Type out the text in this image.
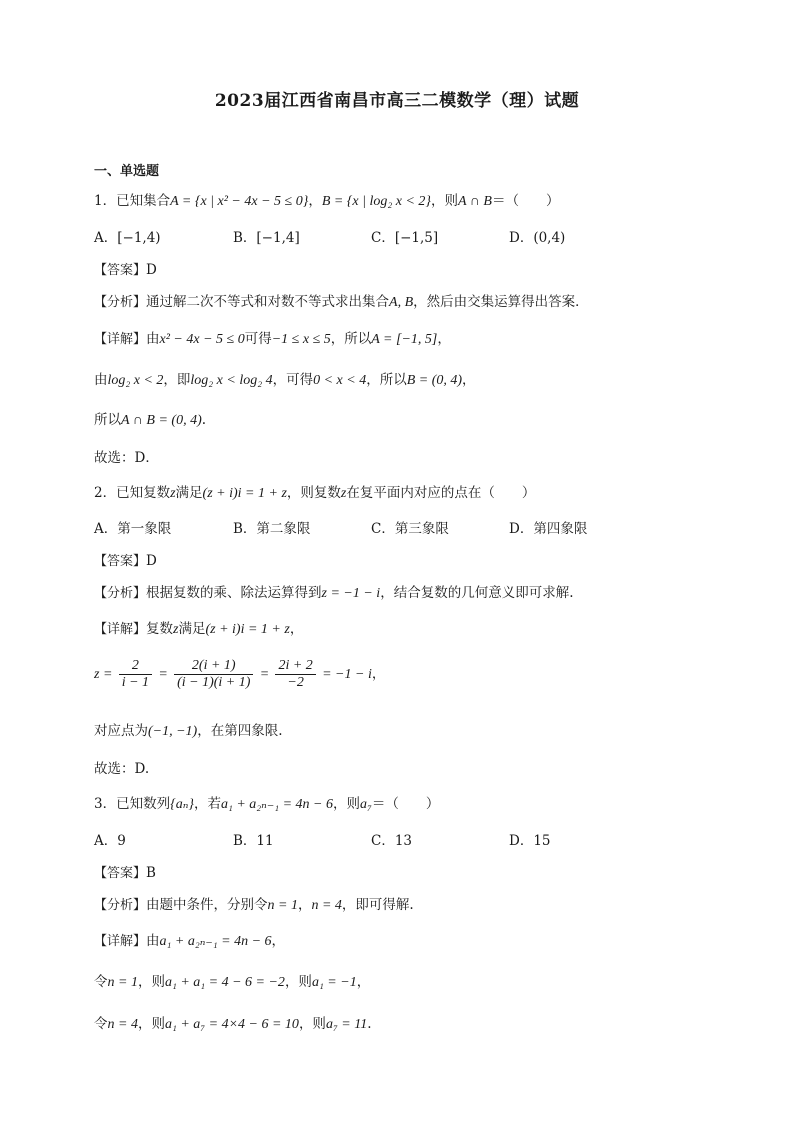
2023届江西省南昌市高三二模数学（理）试题
一、单选题
1．已知集合A = {x | x² − 4x − 5 ≤ 0}，B = {x | log₂ x < 2}，则A ∩ B＝（　　）
A．[−1,4)	B．[−1,4]	C．[−1,5]	D．(0,4)
【答案】D
【分析】通过解二次不等式和对数不等式求出集合A, B，然后由交集运算得出答案．
【详解】由x² − 4x − 5 ≤ 0可得−1 ≤ x ≤ 5，所以A = [−1, 5]，
由log₂ x < 2，即log₂ x < log₂ 4，可得0 < x < 4，所以B = (0, 4)，
所以A ∩ B = (0, 4).
故选：D．
2．已知复数z满足(z + i)i = 1 + z，则复数z在复平面内对应的点在（　　）
A．第一象限	B．第二象限	C．第三象限	D．第四象限
【答案】D
【分析】根据复数的乘、除法运算得到z = −1 − i，结合复数的几何意义即可求解.
【详解】复数z满足(z + i)i = 1 + z，
$z = \frac{2}{i - 1} = \frac{2(i + 1)}{(i - 1)(i + 1)} = \frac{2i + 2}{-2} = -1 - i$，
对应点为(−1, −1)，在第四象限.
故选：D.
3．已知数列{aₙ}，若a₁ + a₂ₙ₋₁ = 4n − 6，则a₇＝（　　）
A．9	B．11	C．13	D．15
【答案】B
【分析】由题中条件，分别令n = 1，n = 4，即可得解.
【详解】由a₁ + a₂ₙ₋₁ = 4n − 6，
令n = 1，则a₁ + a₁ = 4 − 6 = −2，则a₁ = −1，
令n = 4，则a₁ + a₇ = 4×4 − 6 = 10，则a₇ = 11.
